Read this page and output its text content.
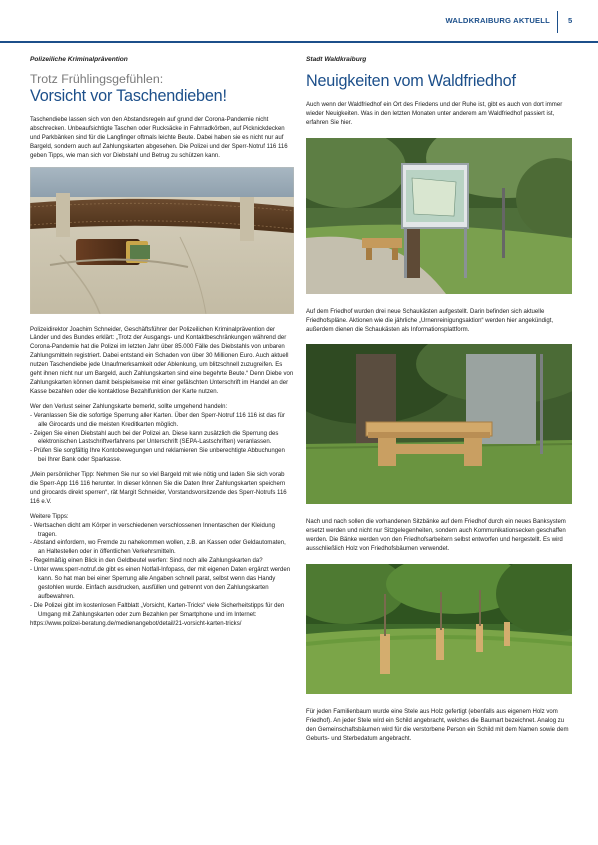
WALDKRAIBURG AKTUELL 5
Polizeiliche Kriminalprävention
Trotz Frühlingsgefühlen:
Vorsicht vor Taschendieben!

Taschendiebe lassen sich von den Abstandsregeln auf grund der Corona-Pandemie nicht abschrecken. Unbeaufsichtigte Taschen oder Rucksäcke in Fahrradkörben, auf Picknickdecken und Parkbänken sind für die Langfinger oftmals leichte Beute. Dabei haben sie es nicht nur auf Bargeld, sondern auch auf Zahlungskarten abgesehen. Die Polizei und der Sperr-Notruf 116 116 geben Tipps, wie man sich vor Diebstahl und Betrug zu schützen kann.

Polizeidirektor Joachim Schneider, Geschäftsführer der Polizeilichen Kriminalprävention der Länder und des Bundes erklärt: „Trotz der Ausgangs- und Kontaktbeschränkungen während der Corona-Pandemie hat die Polizei im letzten Jahr über 85.000 Fälle des Diebstahls von unbaren Zahlungsmitteln registriert. Dabei entstand ein Schaden von über 30 Millionen Euro. Auch aktuell nutzen Taschendiebe jede Unaufmerksamkeit oder Ablenkung, um blitzschnell zuzugreifen. Es geht ihnen nicht nur um Bargeld, auch Zahlungskarten sind eine begehrte Beute.“ Denn Diebe von Zahlungskarten können damit beispielsweise mit einer gefälschten Unterschrift im Handel an der Kasse bezahlen oder die kontaktlose Bezahlfunktion der Karte nutzen.

Wer den Verlust seiner Zahlungskarte bemerkt, sollte umgehend handeln:

- Veranlassen Sie die sofortige Sperrung aller Karten. Über den Sperr-Notruf 116 116 ist das für alle Girocards und die meisten Kreditkarten möglich.
- Zeigen Sie einen Diebstahl auch bei der Polizei an. Diese kann zusätzlich die Sperrung des elektronischen Lastschriftverfahrens per Unterschrift (SEPA-Lastschriften) veranlassen.
- Prüfen Sie sorgfältig Ihre Kontobewegungen und reklamieren Sie unberechtigte Abbuchungen bei Ihrer Bank oder Sparkasse.

„Mein persönlicher Tipp: Nehmen Sie nur so viel Bargeld mit wie nötig und laden Sie sich vorab die Sperr-App 116 116 herunter. In dieser können Sie die Daten Ihrer Zahlungskarten speichern und girocards direkt sperren“, rät Margit Schneider, Vorstandsvorsitzende des Sperr-Notrufs 116 116 e.V.

Weitere Tipps:

- Wertsachen dicht am Körper in verschiedenen verschlossenen Innentaschen der Kleidung tragen.
- Abstand einfordern, wo Fremde zu nahekommen wollen, z.B. an Kassen oder Geldautomaten, an Haltestellen oder in öffentlichen Verkehrsmitteln.
- Regelmäßig einen Blick in den Geldbeutel werfen: Sind noch alle Zahlungskarten da?
- Unter www.sperr-notruf.de gibt es einen Notfall-Infopass, der mit eigenen Daten ergänzt werden kann. So hat man bei einer Sperrung alle Angaben schnell parat, selbst wenn das Handy gestohlen wurde. Einfach ausdrucken, ausfüllen und getrennt von den Zahlungskarten aufbewahren.
- Die Polizei gibt im kostenlosen Faltblatt „Vorsicht, Karten-Tricks“ viele Sicherheitstipps für den Umgang mit Zahlungskarten oder zum Bezahlen per Smartphone und im Internet:

https://www.polizei-beratung.de/medienangebot/detail/21-vorsicht-karten-tricks/

Stadt Waldkraiburg
Neuigkeiten vom Waldfriedhof

Auch wenn der Waldfriedhof ein Ort des Friedens und der Ruhe ist, gibt es auch von dort immer wieder Neuigkeiten. Was in den letzten Monaten unter anderem am Waldfriedhof passiert ist, erfahren Sie hier.

Auf dem Friedhof wurden drei neue Schaukästen aufgestellt. Darin befinden sich aktuelle Friedhofspläne. Aktionen wie die jährliche „Urnenreinigungsaktion“ werden hier angekündigt, außerdem dienen die Schaukästen als Informationsplattform.

Nach und nach sollen die vorhandenen Sitzbänke auf dem Friedhof durch ein neues Banksystem ersetzt werden und nicht nur Sitzgelegenheiten, sondern auch Kommunikationsecken geschaffen werden. Die Bänke werden von den Friedhofsarbeitern selbst entworfen und hergestellt. Es wird ausschließlich Holz von Friedhofsbäumen verwendet.

Für jeden Familienbaum wurde eine Stele aus Holz gefertigt (ebenfalls aus eigenem Holz vom Friedhof). An jeder Stele wird ein Schild angebracht, welches die Baumart bezeichnet. Analog zu den Gemeinschaftsbäumen wird für die verstorbene Person ein Schild mit dem Namen sowie dem Geburts- und Sterbedatum angebracht.
